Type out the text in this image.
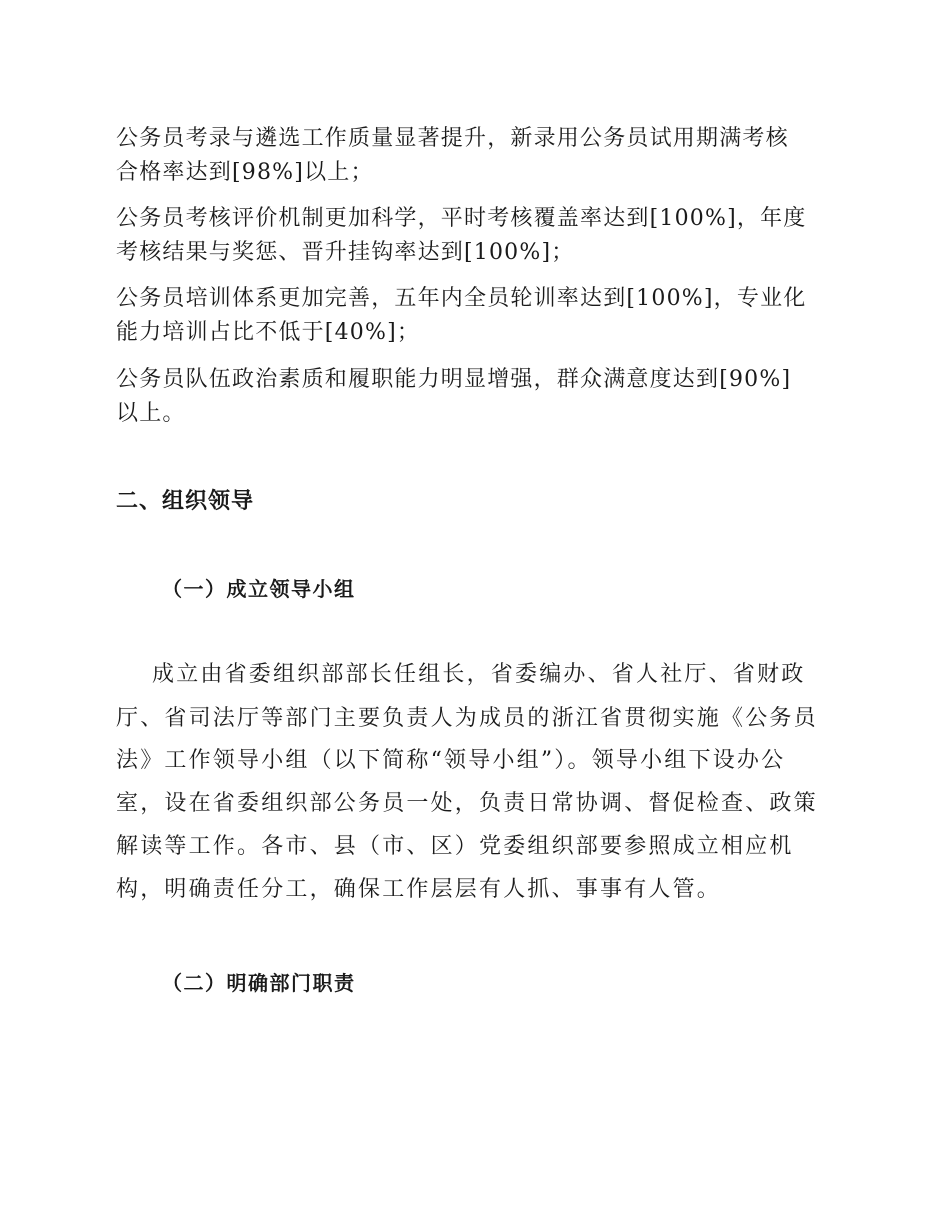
公务员考录与遴选工作质量显著提升，新录用公务员试用期满考核
合格率达到[98%]以上；
公务员考核评价机制更加科学，平时考核覆盖率达到[100%]，年度
考核结果与奖惩、晋升挂钩率达到[100%]；
公务员培训体系更加完善，五年内全员轮训率达到[100%]，专业化
能力培训占比不低于[40%]；
公务员队伍政治素质和履职能力明显增强，群众满意度达到[90%]
以上。
二、组织领导
（一）成立领导小组
成立由省委组织部部长任组长，省委编办、省人社厅、省财政
厅、省司法厅等部门主要负责人为成员的浙江省贯彻实施《公务员
法》工作领导小组（以下简称“领导小组”）。领导小组下设办公
室，设在省委组织部公务员一处，负责日常协调、督促检查、政策
解读等工作。各市、县（市、区）党委组织部要参照成立相应机
构，明确责任分工，确保工作层层有人抓、事事有人管。
（二）明确部门职责
